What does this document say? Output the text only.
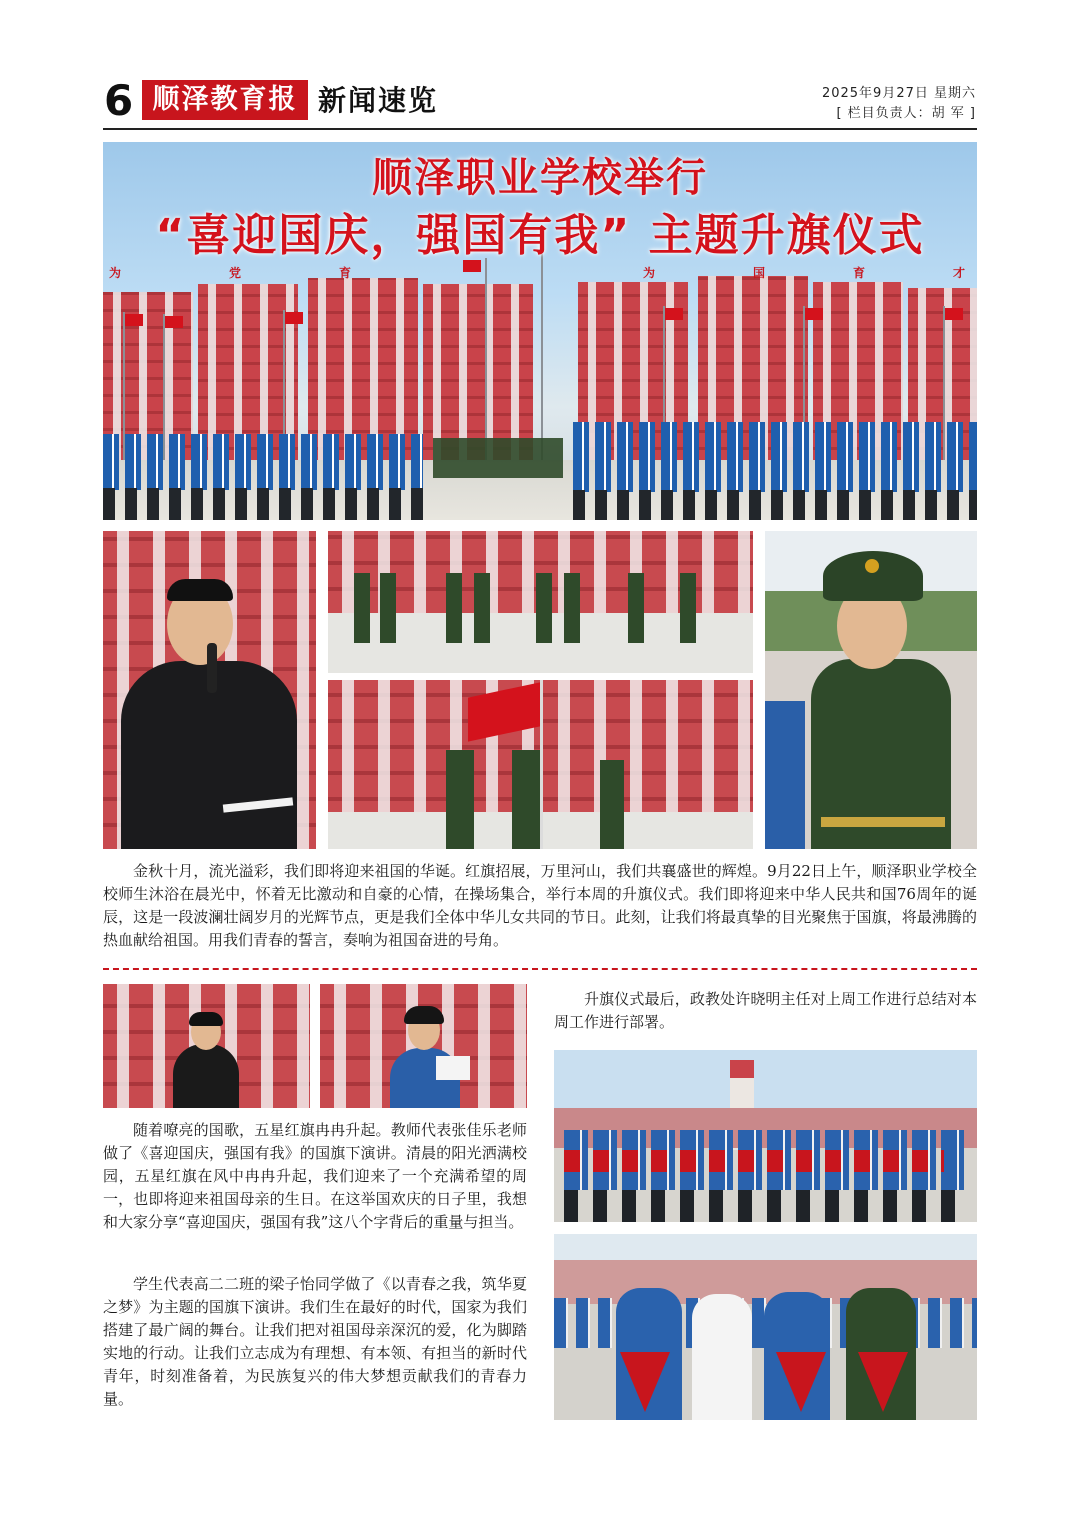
6 顺泽教育报 新闻速览	2025年9月27日 星期六
[ 栏目负责人：胡 军 ]
顺泽职业学校举行
“喜迎国庆，强国有我” 主题升旗仪式
为	党	育	为	国	育	才

金秋十月，流光溢彩，我们即将迎来祖国的华诞。红旗招展，万里河山，我们共襄盛世的辉煌。9月22日上午，顺泽职业学校全校师生沐浴在晨光中，怀着无比激动和自豪的心情，在操场集合，举行本周的升旗仪式。我们即将迎来中华人民共和国76周年的诞辰，这是一段波澜壮阔岁月的光辉节点，更是我们全体中华儿女共同的节日。此刻，让我们将最真挚的目光聚焦于国旗，将最沸腾的热血献给祖国。用我们青春的誓言，奏响为祖国奋进的号角。

随着嘹亮的国歌，五星红旗冉冉升起。教师代表张佳乐老师做了《喜迎国庆，强国有我》的国旗下演讲。清晨的阳光洒满校园，五星红旗在风中冉冉升起，我们迎来了一个充满希望的周一，也即将迎来祖国母亲的生日。在这举国欢庆的日子里，我想和大家分享“喜迎国庆，强国有我”这八个字背后的重量与担当。

学生代表高二二班的梁子怡同学做了《以青春之我，筑华夏之梦》为主题的国旗下演讲。我们生在最好的时代，国家为我们搭建了最广阔的舞台。让我们把对祖国母亲深沉的爱，化为脚踏实地的行动。让我们立志成为有理想、有本领、有担当的新时代青年，时刻准备着，为民族复兴的伟大梦想贡献我们的青春力量。

升旗仪式最后，政教处许晓明主任对上周工作进行总结对本周工作进行部署。
